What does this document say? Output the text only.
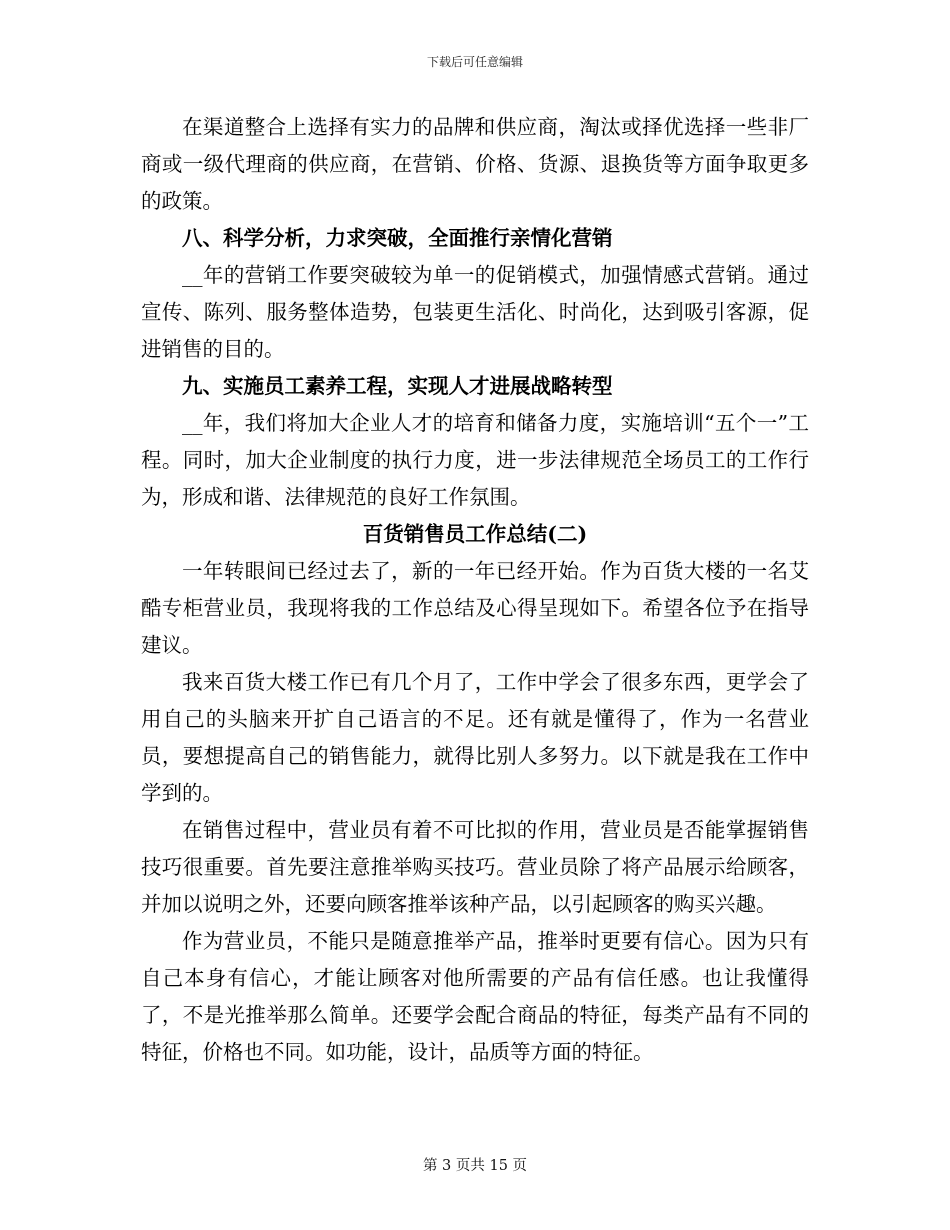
下载后可任意编辑

在渠道整合上选择有实力的品牌和供应商，淘汰或择优选择一些非厂商或一级代理商的供应商，在营销、价格、货源、退换货等方面争取更多的政策。

八、科学分析，力求突破，全面推行亲情化营销

__年的营销工作要突破较为单一的促销模式，加强情感式营销。通过宣传、陈列、服务整体造势，包装更生活化、时尚化，达到吸引客源，促进销售的目的。

九、实施员工素养工程，实现人才进展战略转型

__年，我们将加大企业人才的培育和储备力度，实施培训“五个一”工程。同时，加大企业制度的执行力度，进一步法律规范全场员工的工作行为，形成和谐、法律规范的良好工作氛围。

百货销售员工作总结(二)

一年转眼间已经过去了，新的一年已经开始。作为百货大楼的一名艾酷专柜营业员，我现将我的工作总结及心得呈现如下。希望各位予在指导建议。

我来百货大楼工作已有几个月了，工作中学会了很多东西，更学会了用自己的头脑来开扩自己语言的不足。还有就是懂得了，作为一名营业员，要想提高自己的销售能力，就得比别人多努力。以下就是我在工作中学到的。

在销售过程中，营业员有着不可比拟的作用，营业员是否能掌握销售技巧很重要。首先要注意推举购买技巧。营业员除了将产品展示给顾客，并加以说明之外，还要向顾客推举该种产品，以引起顾客的购买兴趣。

作为营业员，不能只是随意推举产品，推举时更要有信心。因为只有自己本身有信心，才能让顾客对他所需要的产品有信任感。也让我懂得了，不是光推举那么简单。还要学会配合商品的特征，每类产品有不同的特征，价格也不同。如功能，设计，品质等方面的特征。

第 3 页共 15 页
